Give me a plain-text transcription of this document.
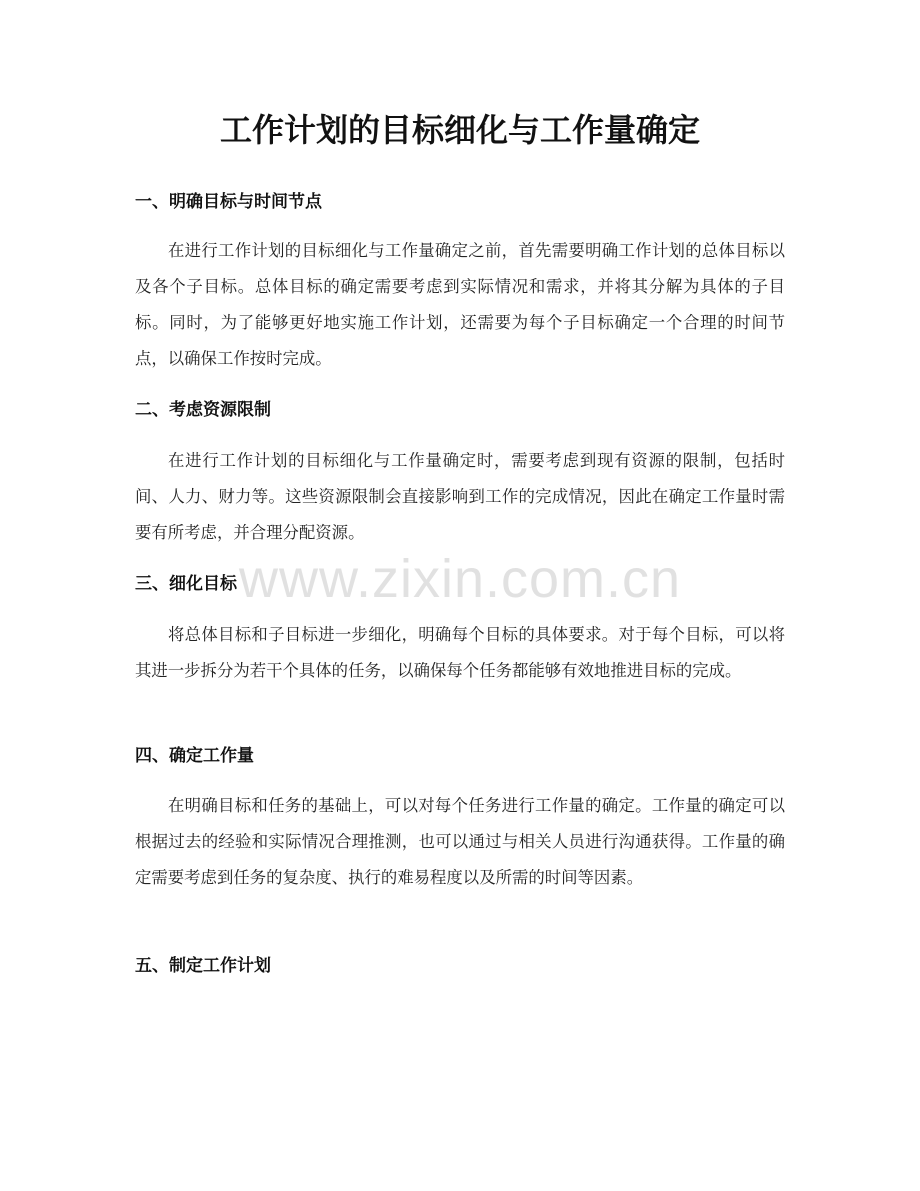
工作计划的目标细化与工作量确定
一、明确目标与时间节点

在进行工作计划的目标细化与工作量确定之前，首先需要明确工作计划的总体目标以及各个子目标。总体目标的确定需要考虑到实际情况和需求，并将其分解为具体的子目标。同时，为了能够更好地实施工作计划，还需要为每个子目标确定一个合理的时间节点，以确保工作按时完成。

二、考虑资源限制

在进行工作计划的目标细化与工作量确定时，需要考虑到现有资源的限制，包括时间、人力、财力等。这些资源限制会直接影响到工作的完成情况，因此在确定工作量时需要有所考虑，并合理分配资源。

三、细化目标

将总体目标和子目标进一步细化，明确每个目标的具体要求。对于每个目标，可以将其进一步拆分为若干个具体的任务，以确保每个任务都能够有效地推进目标的完成。

四、确定工作量

在明确目标和任务的基础上，可以对每个任务进行工作量的确定。工作量的确定可以根据过去的经验和实际情况合理推测，也可以通过与相关人员进行沟通获得。工作量的确定需要考虑到任务的复杂度、执行的难易程度以及所需的时间等因素。

五、制定工作计划
www.zixin.com.cn
